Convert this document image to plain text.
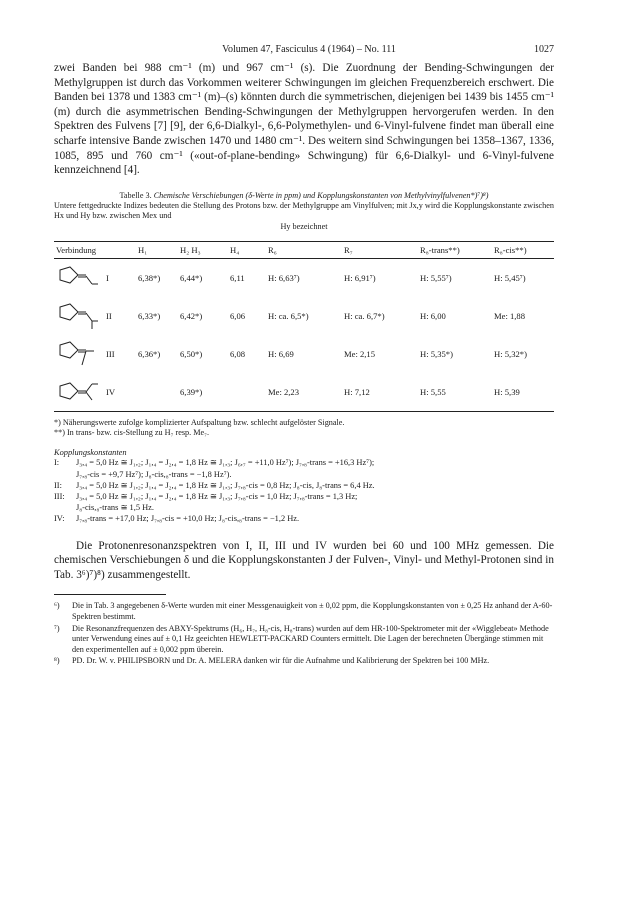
Volumen 47, Fasciculus 4 (1964) – No. 111	1027

zwei Banden bei 988 cm⁻¹ (m) und 967 cm⁻¹ (s). Die Zuordnung der Bending-Schwingungen der Methylgruppen ist durch das Vorkommen weiterer Schwingungen im gleichen Frequenzbereich erschwert. Die Banden bei 1378 und 1383 cm⁻¹ (m)–(s) könnten durch die symmetrischen, diejenigen bei 1439 bis 1455 cm⁻¹ (m) durch die asymmetrischen Bending-Schwingungen der Methylgruppen hervorgerufen werden. In den Spektren des Fulvens [7] [9], der 6,6-Dialkyl-, 6,6-Polymethylen- und 6-Vinyl-fulvene findet man überall eine scharfe intensive Bande zwischen 1470 und 1480 cm⁻¹. Des weitern sind Schwingungen bei 1358–1367, 1336, 1085, 895 und 760 cm⁻¹ («out-of-plane-bending» Schwingung) für 6,6-Dialkyl- und 6-Vinyl-fulvene kennzeichnend [4].

Tabelle 3. Chemische Verschiebungen (δ-Werte in ppm) und Kopplungskonstanten von Methylvinylfulvenen*)⁷)⁸)
Untere fettgedruckte Indizes bedeuten die Stellung des Protons bzw. der Methylgruppe am Vinylfulven; mit Jx,y wird die Kopplungskonstante zwischen Hx und Hy bzw. zwischen Mex und
Hy bezeichnet
Verbindung	H₁	H₂ H₃	H₄	R₆	R₇	R₈-trans**)	R₈-cis**)

I	6,38*)	6,44*)	6,11	H: 6,63⁷)	H: 6,91⁷)	H: 5,55⁷)	H: 5,45⁷)

II	6,33*)	6,42*)	6,06	H: ca. 6,5*)	H: ca. 6,7*)	H: 6,00	Me: 1,88

III	6,36*)	6,50*)	6,08	H: 6,69	Me: 2,15	H: 5,35*)	H: 5,32*)

IV		6,39*)		Me: 2,23	H: 7,12	H: 5,55	H: 5,39
*) Näherungswerte zufolge komplizierter Aufspaltung bzw. schlecht aufgelöster Signale.
**) In trans- bzw. cis-Stellung zu H₇ resp. Me₇.
Kopplungskonstanten
I:	J₃,₄ = 5,0 Hz ≅ J₁,₂; J₁,₄ = J₂,₄ = 1,8 Hz ≅ J₁,₃; J₆,₇ = +11,0 Hz⁷); J₇,₈-trans = +16,3 Hz⁷);
J₇,₈-cis = +9,7 Hz⁷); J₈-cis,₈-trans = −1,8 Hz⁷).
II:	J₃,₄ = 5,0 Hz ≅ J₁,₂; J₁,₄ = J₂,₄ = 1,8 Hz ≅ J₁,₃; J₇,₈-cis = 0,8 Hz; J₈-cis, J₈-trans = 6,4 Hz.
III:	J₃,₄ = 5,0 Hz ≅ J₁,₂; J₁,₄ = J₂,₄ = 1,8 Hz ≅ J₁,₃; J₇,₈-cis = 1,0 Hz; J₇,₈-trans = 1,3 Hz;
J₈-cis,₈-trans ≅ 1,5 Hz.
IV:	J₇,₈-trans = +17,0 Hz; J₇,₈-cis = +10,0 Hz; J₈-cis,₈-trans = −1,2 Hz.

Die Protonenresonanzspektren von I, II, III und IV wurden bei 60 und 100 MHz gemessen. Die chemischen Verschiebungen δ und die Kopplungskonstanten J der Fulven-, Vinyl- und Methyl-Protonen sind in Tab. 3⁶)⁷)⁸) zusammengestellt.

⁶)	Die in Tab. 3 angegebenen δ-Werte wurden mit einer Messgenauigkeit von ± 0,02 ppm, die Kopplungskonstanten von ± 0,25 Hz anhand der A-60-Spektren bestimmt.
⁷)	Die Resonanzfrequenzen des ABXY-Spektrums (H₆, H₇, H₈-cis, H₈-trans) wurden auf dem HR-100-Spektrometer mit der «Wigglebeat» Methode unter Verwendung eines auf ± 0,1 Hz geeichten HEWLETT-PACKARD Counters ermittelt. Die Lagen der berechneten Übergänge stimmen mit den experimentellen auf ± 0,002 ppm überein.
⁸)	PD. Dr. W. v. PHILIPSBORN und Dr. A. MELERA danken wir für die Aufnahme und Kalibrierung der Spektren bei 100 MHz.
